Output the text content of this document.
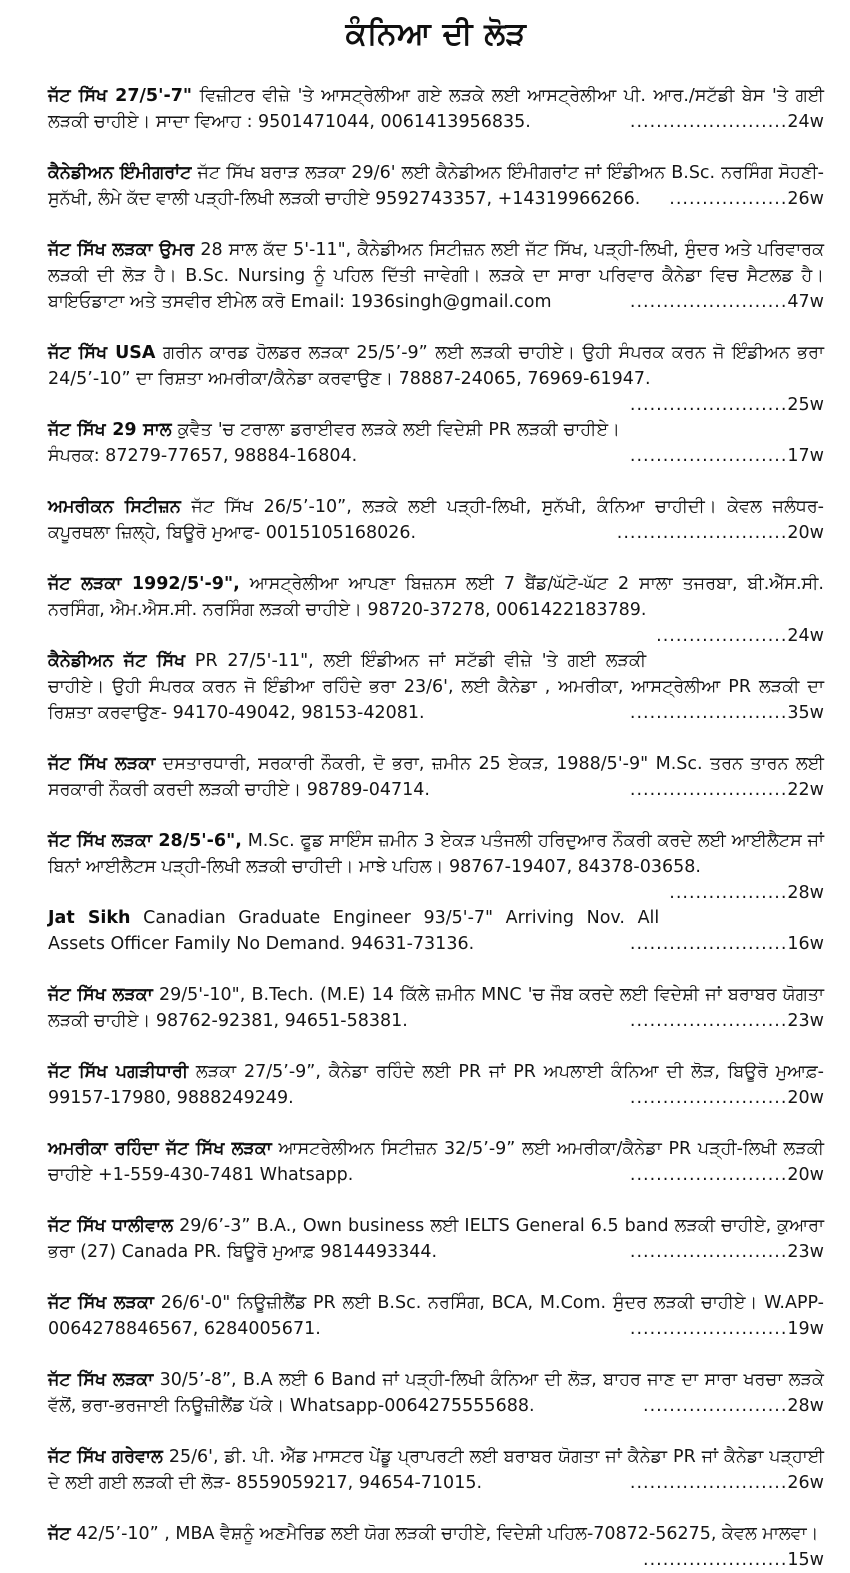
ਕੰਨਿਆ ਦੀ ਲੋੜ

ਜੱਟ ਸਿੱਖ 27/5'-7" ਵਿਜ਼ੀਟਰ ਵੀਜ਼ੇ 'ਤੇ ਆਸਟ੍ਰੇਲੀਆ ਗਏ ਲੜਕੇ ਲਈ ਆਸਟ੍ਰੇਲੀਆ ਪੀ. ਆਰ./ਸਟੱਡੀ ਬੇਸ 'ਤੇ ਗਈ ਲੜਕੀ ਚਾਹੀਏ। ਸਾਦਾ ਵਿਆਹ : 9501471044, 0061413956835.	........................24w

ਕੈਨੇਡੀਅਨ ਇੰਮੀਗਰਾਂਟ ਜੱਟ ਸਿੱਖ ਬਰਾੜ ਲੜਕਾ 29/6' ਲਈ ਕੈਨੇਡੀਅਨ ਇੰਮੀਗਰਾਂਟ ਜਾਂ ਇੰਡੀਅਨ B.Sc. ਨਰਸਿੰਗ ਸੋਹਣੀ-ਸੁਨੱਖੀ, ਲੰਮੇ ਕੱਦ ਵਾਲੀ ਪੜ੍ਹੀ-ਲਿਖੀ ਲੜਕੀ ਚਾਹੀਏ 9592743357, +14319966266.	..................26w

ਜੱਟ ਸਿੱਖ ਲੜਕਾ ਉਮਰ 28 ਸਾਲ ਕੱਦ 5'-11", ਕੈਨੇਡੀਅਨ ਸਿਟੀਜ਼ਨ ਲਈ ਜੱਟ ਸਿੱਖ, ਪੜ੍ਹੀ-ਲਿਖੀ, ਸੁੰਦਰ ਅਤੇ ਪਰਿਵਾਰਕ ਲੜਕੀ ਦੀ ਲੋੜ ਹੈ। B.Sc. Nursing ਨੂੰ ਪਹਿਲ ਦਿੱਤੀ ਜਾਵੇਗੀ। ਲੜਕੇ ਦਾ ਸਾਰਾ ਪਰਿਵਾਰ ਕੈਨੇਡਾ ਵਿਚ ਸੈਟਲਡ ਹੈ। ਬਾਇਓਡਾਟਾ ਅਤੇ ਤਸਵੀਰ ਈਮੇਲ ਕਰੋ Email: 1936singh@gmail.com	........................47w

ਜੱਟ ਸਿੱਖ USA ਗਰੀਨ ਕਾਰਡ ਹੋਲਡਰ ਲੜਕਾ 25/5’-9” ਲਈ ਲੜਕੀ ਚਾਹੀਏ। ਉਹੀ ਸੰਪਰਕ ਕਰਨ ਜੋ ਇੰਡੀਅਨ ਭਰਾ 24/5’-10” ਦਾ ਰਿਸ਼ਤਾ ਅਮਰੀਕਾ/ਕੈਨੇਡਾ ਕਰਵਾਉਣ। 78887-24065, 76969-61947.
........................25w

ਜੱਟ ਸਿੱਖ 29 ਸਾਲ ਕੁਵੈਤ 'ਚ ਟਰਾਲਾ ਡਰਾਈਵਰ ਲੜਕੇ ਲਈ ਵਿਦੇਸ਼ੀ PR ਲੜਕੀ ਚਾਹੀਏ। ਸੰਪਰਕ: 87279-77657, 98884-16804.	........................17w

ਅਮਰੀਕਨ ਸਿਟੀਜ਼ਨ ਜੱਟ ਸਿੱਖ 26/5’-10”, ਲੜਕੇ ਲਈ ਪੜ੍ਹੀ-ਲਿਖੀ, ਸੁਨੱਖੀ, ਕੰਨਿਆ ਚਾਹੀਦੀ। ਕੇਵਲ ਜਲੰਧਰ-ਕਪੂਰਥਲਾ ਜ਼ਿਲ੍ਹੇ, ਬਿਊਰੋ ਮੁਆਫ- 0015105168026.	..........................20w

ਜੱਟ ਲੜਕਾ 1992/5'-9", ਆਸਟ੍ਰੇਲੀਆ ਆਪਣਾ ਬਿਜ਼ਨਸ ਲਈ 7 ਬੈਂਡ/ਘੱਟੋ-ਘੱਟ 2 ਸਾਲਾ ਤਜਰਬਾ, ਬੀ.ਐੱਸ.ਸੀ. ਨਰਸਿੰਗ, ਐਮ.ਐਸ.ਸੀ. ਨਰਸਿੰਗ ਲੜਕੀ ਚਾਹੀਏ। 98720-37278, 0061422183789.
....................24w

ਕੈਨੇਡੀਅਨ ਜੱਟ ਸਿੱਖ PR 27/5'-11", ਲਈ ਇੰਡੀਅਨ ਜਾਂ ਸਟੱਡੀ ਵੀਜ਼ੇ 'ਤੇ ਗਈ ਲੜਕੀ ਚਾਹੀਏ। ਉਹੀ ਸੰਪਰਕ ਕਰਨ ਜੋ ਇੰਡੀਆ ਰਹਿੰਦੇ ਭਰਾ 23/6', ਲਈ ਕੈਨੇਡਾ , ਅਮਰੀਕਾ, ਆਸਟ੍ਰੇਲੀਆ PR ਲੜਕੀ ਦਾ ਰਿਸ਼ਤਾ ਕਰਵਾਉਣ- 94170-49042, 98153-42081.	........................35w

ਜੱਟ ਸਿੱਖ ਲੜਕਾ ਦਸਤਾਰਧਾਰੀ, ਸਰਕਾਰੀ ਨੌਕਰੀ, ਦੋ ਭਰਾ, ਜ਼ਮੀਨ 25 ਏਕੜ, 1988/5'-9" M.Sc. ਤਰਨ ਤਾਰਨ ਲਈ ਸਰਕਾਰੀ ਨੌਕਰੀ ਕਰਦੀ ਲੜਕੀ ਚਾਹੀਏ। 98789-04714.	........................22w

ਜੱਟ ਸਿੱਖ ਲੜਕਾ 28/5'-6", M.Sc. ਫੂਡ ਸਾਇੰਸ ਜ਼ਮੀਨ 3 ਏਕੜ ਪਤੰਜਲੀ ਹਰਿਦੁਆਰ ਨੌਕਰੀ ਕਰਦੇ ਲਈ ਆਈਲੈਟਸ ਜਾਂ ਬਿਨਾਂ ਆਈਲੈਟਸ ਪੜ੍ਹੀ-ਲਿਖੀ ਲੜਕੀ ਚਾਹੀਦੀ। ਮਾਝੇ ਪਹਿਲ। 98767-19407, 84378-03658.
..................28w

Jat Sikh Canadian Graduate Engineer 93/5'-7" Arriving Nov. All Assets Officer Family No Demand. 94631-73136.	........................16w

ਜੱਟ ਸਿੱਖ ਲੜਕਾ 29/5'-10", B.Tech. (M.E) 14 ਕਿੱਲੇ ਜ਼ਮੀਨ MNC 'ਚ ਜੌਬ ਕਰਦੇ ਲਈ ਵਿਦੇਸ਼ੀ ਜਾਂ ਬਰਾਬਰ ਯੋਗਤਾ ਲੜਕੀ ਚਾਹੀਏ। 98762-92381, 94651-58381.	........................23w

ਜੱਟ ਸਿੱਖ ਪਗੜੀਧਾਰੀ ਲੜਕਾ 27/5’-9”, ਕੈਨੇਡਾ ਰਹਿੰਦੇ ਲਈ PR ਜਾਂ PR ਅਪਲਾਈ ਕੰਨਿਆ ਦੀ ਲੋੜ, ਬਿਊਰੋ ਮੁਆਫ਼- 99157-17980, 9888249249.	........................20w

ਅਮਰੀਕਾ ਰਹਿੰਦਾ ਜੱਟ ਸਿੱਖ ਲੜਕਾ ਆਸਟਰੇਲੀਅਨ ਸਿਟੀਜ਼ਨ 32/5’-9” ਲਈ ਅਮਰੀਕਾ/ਕੈਨੇਡਾ PR ਪੜ੍ਹੀ-ਲਿਖੀ ਲੜਕੀ ਚਾਹੀਏ +1-559-430-7481 Whatsapp.	........................20w

ਜੱਟ ਸਿੱਖ ਧਾਲੀਵਾਲ 29/6’-3” B.A., Own business ਲਈ IELTS General 6.5 band ਲੜਕੀ ਚਾਹੀਏ, ਕੁਆਰਾ ਭਰਾ (27) Canada PR. ਬਿਊਰੋ ਮੁਆਫ਼ 9814493344.	........................23w

ਜੱਟ ਸਿੱਖ ਲੜਕਾ 26/6'-0" ਨਿਊਜ਼ੀਲੈਂਡ PR ਲਈ B.Sc. ਨਰਸਿੰਗ, BCA, M.Com. ਸੁੰਦਰ ਲੜਕੀ ਚਾਹੀਏ। W.APP-0064278846567, 6284005671.	........................19w

ਜੱਟ ਸਿੱਖ ਲੜਕਾ 30/5’-8”, B.A ਲਈ 6 Band ਜਾਂ ਪੜ੍ਹੀ-ਲਿਖੀ ਕੰਨਿਆ ਦੀ ਲੋੜ, ਬਾਹਰ ਜਾਣ ਦਾ ਸਾਰਾ ਖਰਚਾ ਲੜਕੇ ਵੱਲੋਂ, ਭਰਾ-ਭਰਜਾਈ ਨਿਊਜ਼ੀਲੈਂਡ ਪੱਕੇ। Whatsapp-0064275555688.	......................28w

ਜੱਟ ਸਿੱਖ ਗਰੇਵਾਲ 25/6', ਡੀ. ਪੀ. ਐੱਡ ਮਾਸਟਰ ਪੇਂਡੂ ਪ੍ਰਾਪਰਟੀ ਲਈ ਬਰਾਬਰ ਯੋਗਤਾ ਜਾਂ ਕੈਨੇਡਾ PR ਜਾਂ ਕੈਨੇਡਾ ਪੜ੍ਹਾਈ ਦੇ ਲਈ ਗਈ ਲੜਕੀ ਦੀ ਲੋੜ- 8559059217, 94654-71015.	........................26w

ਜੱਟ 42/5’-10” , MBA ਵੈਸ਼ਨੂੰ ਅਣਮੈਰਿਡ ਲਈ ਯੋਗ ਲੜਕੀ ਚਾਹੀਏ, ਵਿਦੇਸ਼ੀ ਪਹਿਲ-70872-56275, ਕੇਵਲ ਮਾਲਵਾ।
......................15w
